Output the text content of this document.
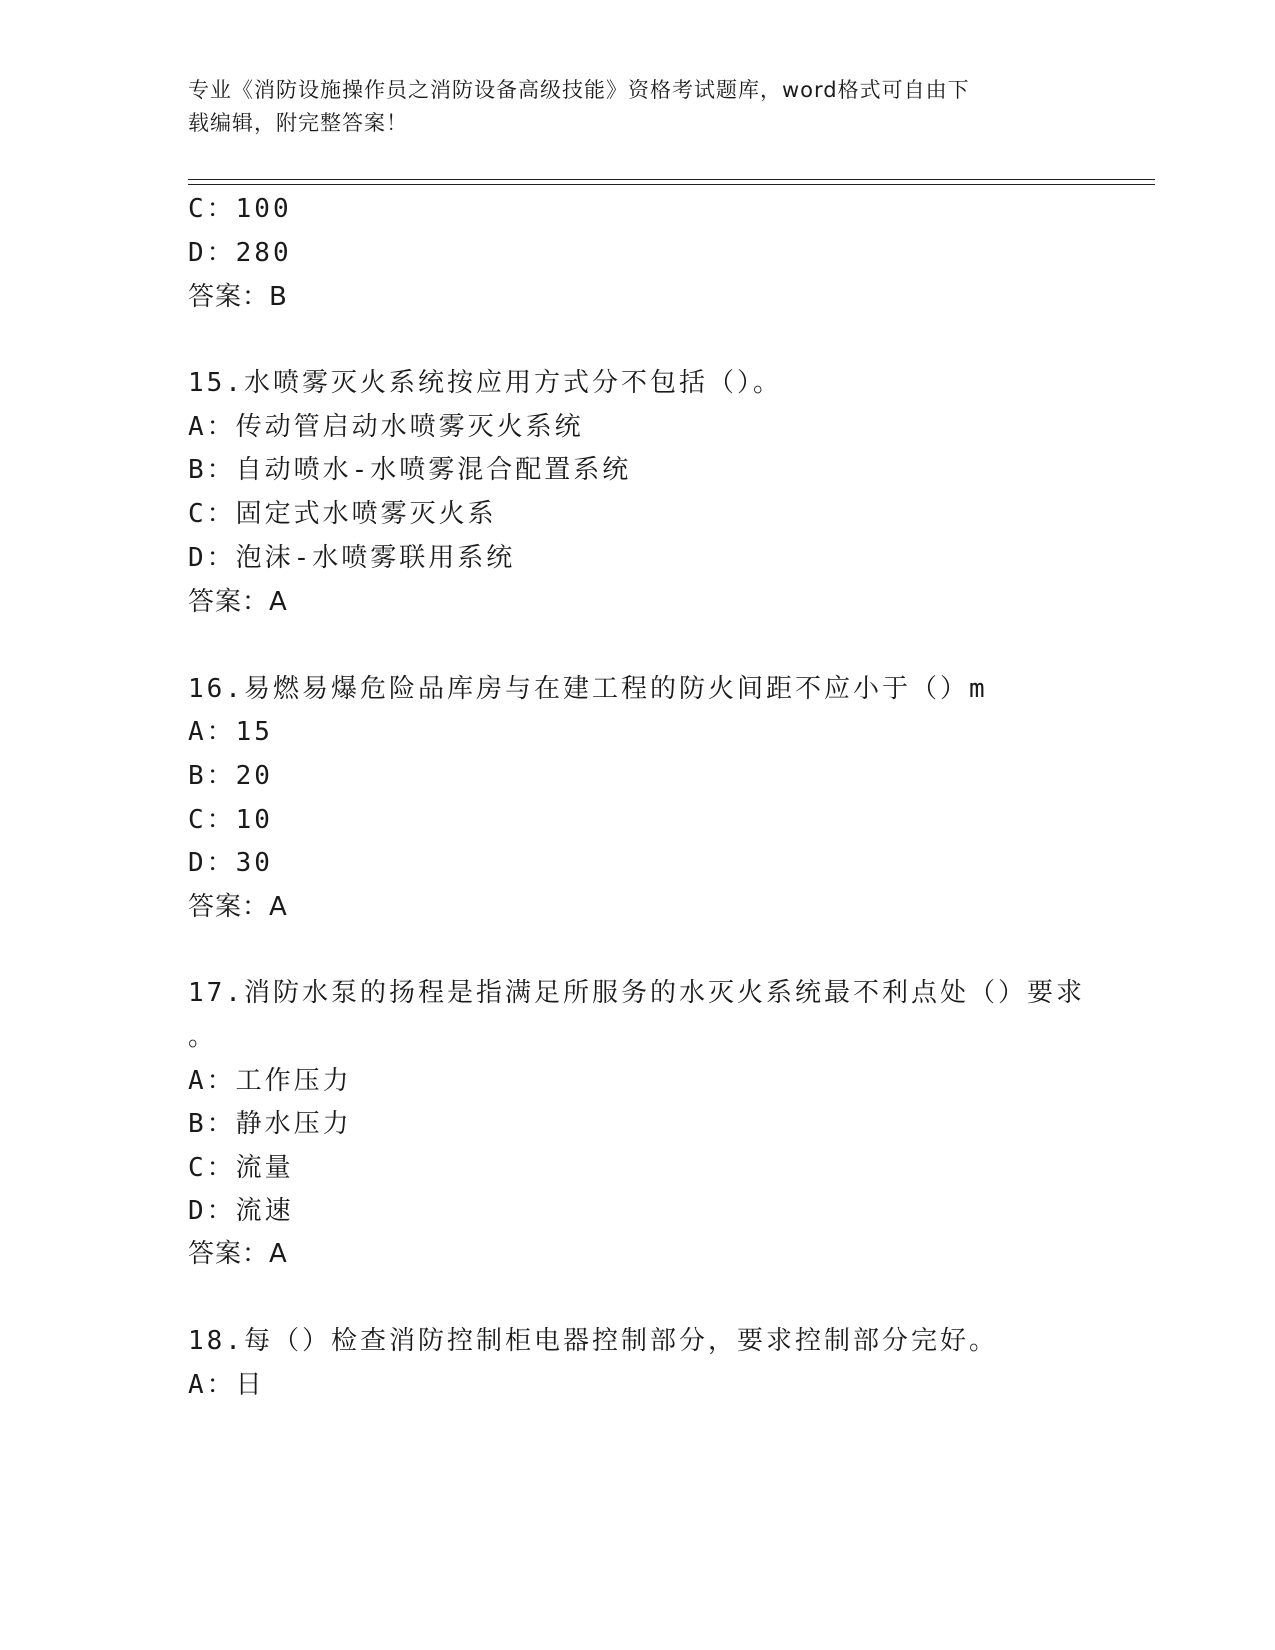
专业《消防设施操作员之消防设备高级技能》资格考试题库，word格式可自由下
载编辑，附完整答案！
C：100
D：280
答案：B
15.水喷雾灭火系统按应用方式分不包括（）。
A：传动管启动水喷雾灭火系统
B：自动喷水-水喷雾混合配置系统
C：固定式水喷雾灭火系
D：泡沫-水喷雾联用系统
答案：A
16.易燃易爆危险品库房与在建工程的防火间距不应小于（）m
A：15
B：20
C：10
D：30
答案：A
17.消防水泵的扬程是指满足所服务的水灭火系统最不利点处（）要求
。
A：工作压力
B：静水压力
C：流量
D：流速
答案：A
18.每（）检查消防控制柜电器控制部分，要求控制部分完好。
A：日
